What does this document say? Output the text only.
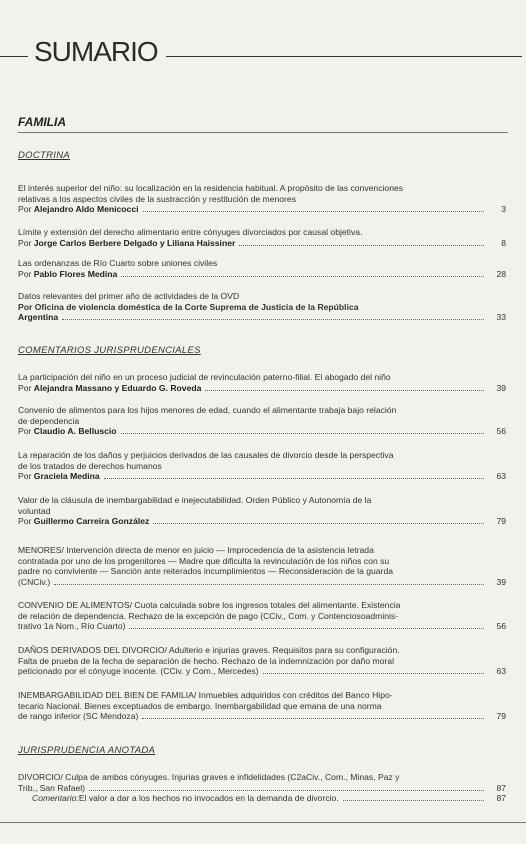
SUMARIO
FAMILIA
DOCTRINA
El interés superior del niño: su localización en la residencia habitual. A propósito de las convenciones
relativas a los aspectos civiles de la sustracción y restitución de menores
Por
Alejandro Aldo Menicocci	3
Límite y extensión del derecho alimentario entre cónyuges divorciados por causal objetiva.
Por
Jorge Carlos Berbere Delgado y Liliana Haissiner	8
Las ordenanzas de Río Cuarto sobre uniones civiles
Por
Pablo Flores Medina	28
Datos relevantes del primer año de actividades de la OVD
Por Oficina de violencia doméstica de la Corte Suprema de Justicia de la República
Argentina	33
COMENTARIOS JURISPRUDENCIALES
La participación del niño en un proceso judicial de revinculación paterno-filial. El abogado del niño
Por
Alejandra Massano y Eduardo G. Roveda	39
Convenio de alimentos para los hijos menores de edad, cuando el alimentante trabaja bajo relación
de dependencia
Por
Claudio A. Belluscio	56
La reparación de los daños y perjuicios derivados de las causales de divorcio desde la perspectiva
de los tratados de derechos humanos
Por
Graciela Medina	63
Valor de la cláusula de inembargabilidad e inejecutabilidad. Orden Público y Autonomía de la
voluntad
Por
Guillermo Carreira González	79
MENORES/ Intervención directa de menor en juicio — Improcedencia de la asistencia letrada
contratada por uno de los progenitores — Madre que dificulta la revinculación de los niños con su
padre no conviviente — Sanción ante reiterados incumplimientos — Reconsideración de la guarda
(CNCiv.)	39
CONVENIO DE ALIMENTOS/ Cuota calculada sobre los ingresos totales del alimentante. Existencia
de relación de dependencia. Rechazo de la excepción de pago (CCiv., Com. y Contenciosoadminis-
trativo 1a Nom., Río Cuarto)	56
DAÑOS DERIVADOS DEL DIVORCIO/ Adulterio e injurias graves. Requisitos para su configuración.
Falta de prueba de la fecha de separación de hecho. Rechazo de la indemnización por daño moral
peticionado por el cónyuge inocente. (CCiv. y Com., Mercedes)	63
INEMBARGABILIDAD DEL BIEN DE FAMILIA/ Inmuebles adquiridos con créditos del Banco Hipo-
tecario Nacional. Bienes exceptuados de embargo. Inembargabilidad que emana de una norma
de rango inferior (SC Mendoza)	79
JURISPRUDENCIA ANOTADA
DIVORCIO/ Culpa de ambos cónyuges. Injurias graves e infidelidades (C2aCiv., Com., Minas, Paz y
Trib., San Rafael)	87
Comentario: El valor a dar a los hechos no invocados en la demanda de divorcio.	87
